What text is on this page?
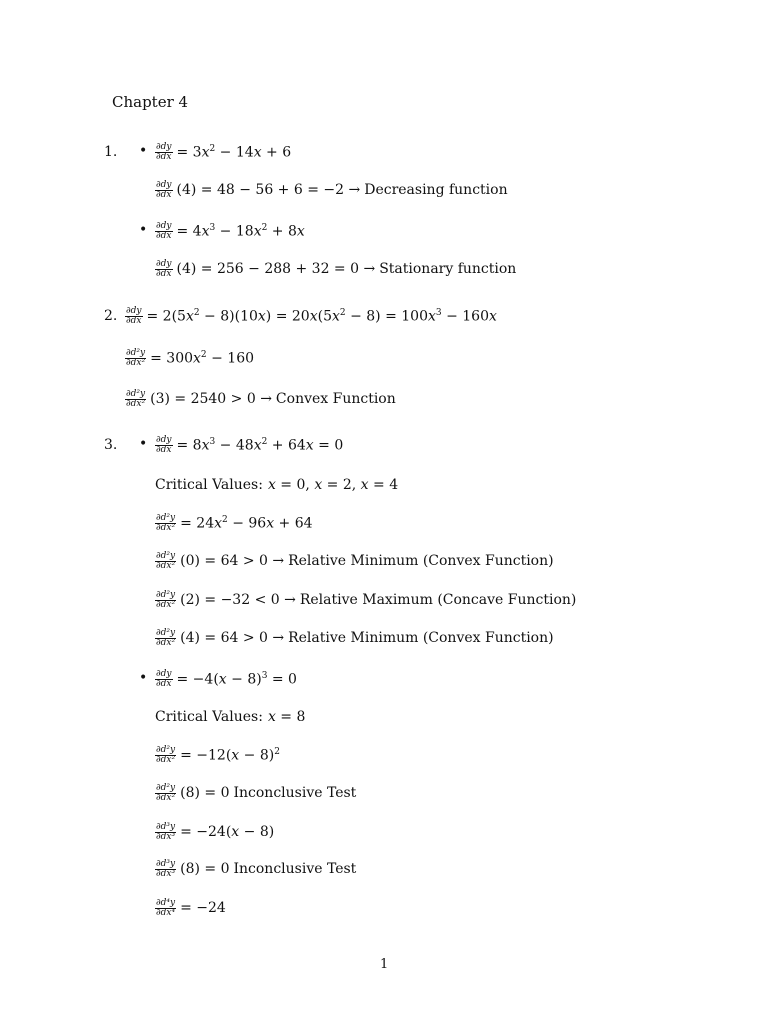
Chapter 4
1. • $\frac{\partial dy}{\partial dx} = 3x^2 - 14x + 6$
$\frac{\partial dy}{\partial dx} (4) = 48 - 56 + 6 = -2$ → Decreasing function
• $\frac{\partial dy}{\partial dx} = 4x^3 - 18x^2 + 8x$
$\frac{\partial dy}{\partial dx} (4) = 256 - 288 + 32 = 0$ → Stationary function
2. $\frac{\partial dy}{\partial dx} = 2(5x^2 - 8)(10x) = 20x(5x^2 - 8) = 100x^3 - 160x$
$\frac{\text{∂d²y}}{\text{∂dx²}} = 300x^2 - 160$
$\frac{\text{∂d²y}}{\text{∂dx²}} (3) = 2540 > 0$ → Convex Function
3. • $\frac{\partial dy}{\partial dx} = 8x^3 - 48x^2 + 64x = 0$
Critical Values: x = 0, x = 2, x = 4
$\frac{\text{∂d²y}}{\text{∂dx²}} = 24x^2 - 96x + 64$
$\frac{\text{∂d²y}}{\text{∂dx²}} (0) = 64 > 0$ → Relative Minimum (Convex Function)
$\frac{\text{∂d²y}}{\text{∂dx²}} (2) = -32 < 0$ → Relative Maximum (Concave Function)
$\frac{\text{∂d²y}}{\text{∂dx²}} (4) = 64 > 0$ → Relative Minimum (Convex Function)
• $\frac{\partial dy}{\partial dx} = -4(x - 8)^3 = 0$
Critical Values: x = 8
$\frac{\text{∂d²y}}{\text{∂dx²}} = -12(x - 8)^2$
$\frac{\text{∂d²y}}{\text{∂dx²}} (8) = 0$ Inconclusive Test
$\frac{\text{∂d³y}}{\text{∂dx³}} = -24(x - 8)$
$\frac{\text{∂d³y}}{\text{∂dx³}} (8) = 0$ Inconclusive Test
$\frac{\text{∂d⁴y}}{\text{∂dx⁴}} = -24$
1
